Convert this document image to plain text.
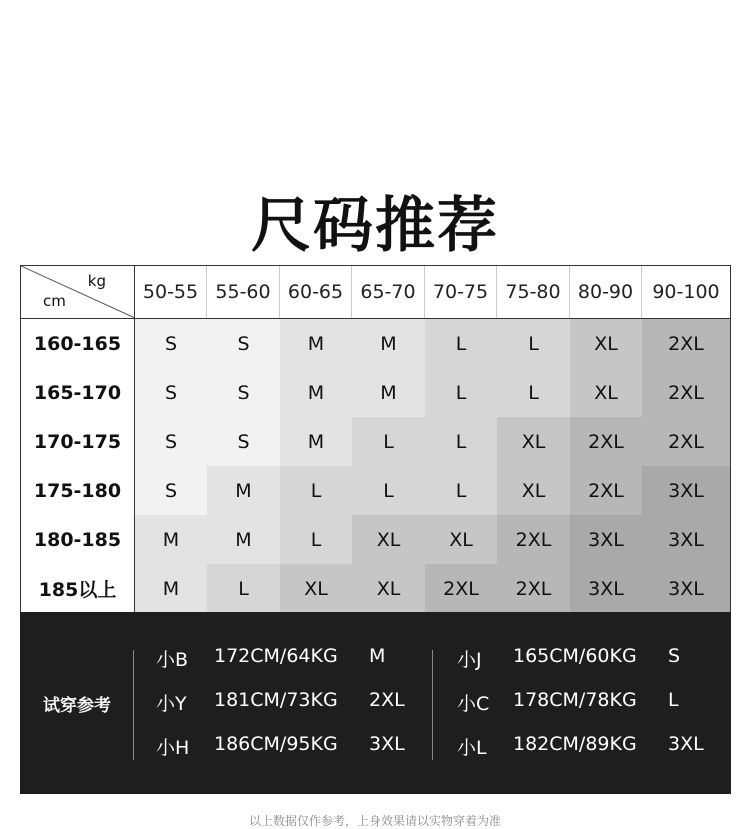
尺码推荐
kg
cm	50-55 55-60 60-65 65-70 70-75 75-80 80-90	90-100
160-165	S	S	M	M	L	L	XL	2XL
165-170	S	S	M	M	L	L	XL	2XL
170-175	S	S	M	L	L	XL	2XL	2XL
175-180	S	M	L	L	L	XL	2XL	3XL
180-185	M	M	L	XL	XL	2XL	3XL	3XL
185以上	M	L	XL	XL	2XL	2XL	3XL	3XL
试穿参考
小B 172CM/64KG M
小Y 181CM/73KG 2XL
小H 186CM/95KG 3XL
小J 165CM/60KG S
小C 178CM/78KG L
小L 182CM/89KG 3XL
以上数据仅作参考，上身效果请以实物穿着为准
